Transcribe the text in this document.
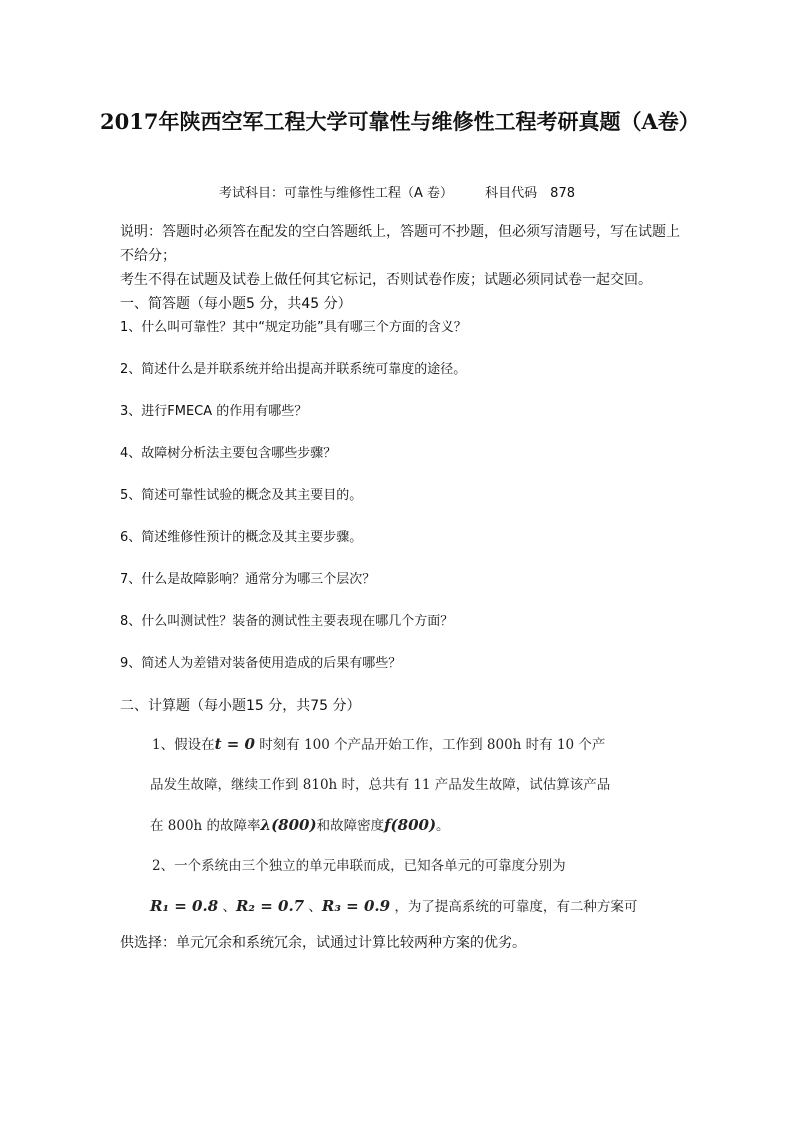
2017年陕西空军工程大学可靠性与维修性工程考研真题（A卷）
考试科目：可靠性与维修性工程（A 卷） 科目代码　878

说明：答题时必须答在配发的空白答题纸上，答题可不抄题，但必须写清题号，写在试题上不给分；

考生不得在试题及试卷上做任何其它标记，否则试卷作废；试题必须同试卷一起交回。

一、简答题（每小题5 分，共45 分）

1、什么叫可靠性？其中“规定功能”具有哪三个方面的含义？

2、简述什么是并联系统并给出提高并联系统可靠度的途径。

3、进行FMECA 的作用有哪些？

4、故障树分析法主要包含哪些步骤？

5、简述可靠性试验的概念及其主要目的。

6、简述维修性预计的概念及其主要步骤。

7、什么是故障影响？通常分为哪三个层次？

8、什么叫测试性？装备的测试性主要表现在哪几个方面？

9、简述人为差错对装备使用造成的后果有哪些？

二、计算题（每小题15 分，共75 分）

1、假设在t = 0 时刻有 100 个产品开始工作，工作到 800h 时有 10 个产

品发生故障，继续工作到 810h 时，总共有 11 产品发生故障，试估算该产品

在 800h 的故障率λ(800)和故障密度f(800)。

2、一个系统由三个独立的单元串联而成，已知各单元的可靠度分别为

R₁ = 0.8 、R₂ = 0.7 、R₃ = 0.9 ，为了提高系统的可靠度，有二种方案可

供选择：单元冗余和系统冗余，试通过计算比较两种方案的优劣。
